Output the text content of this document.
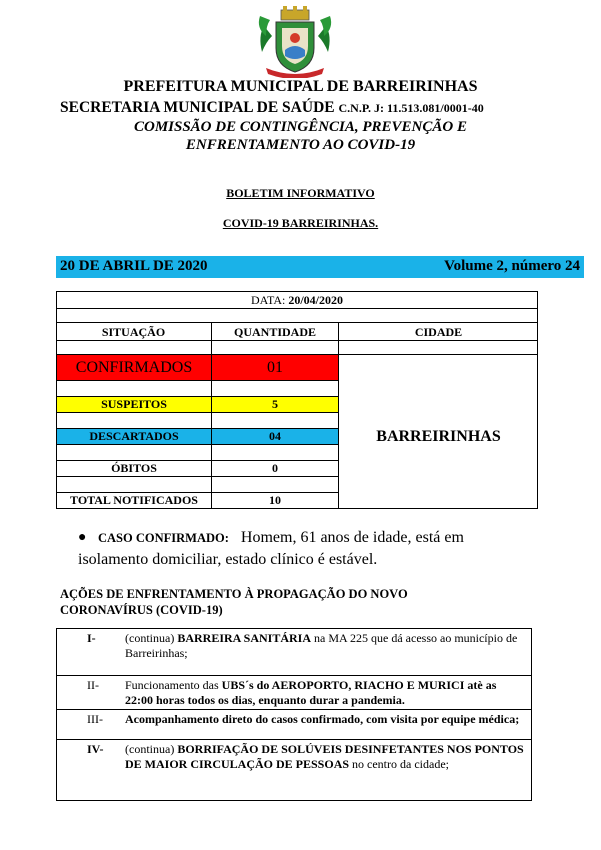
PREFEITURA MUNICIPAL DE BARREIRINHAS
SECRETARIA MUNICIPAL DE SAÚDE C.N.P. J: 11.513.081/0001-40
COMISSÃO DE CONTINGÊNCIA, PREVENÇÃO E
ENFRENTAMENTO AO COVID-19
BOLETIM INFORMATIVO
COVID-19 BARREIRINHAS.
20 DE ABRIL DE 2020	Volume 2, número 24
DATA: 20/04/2020
SITUAÇÃO	QUANTIDADE	CIDADE
CONFIRMADOS	01
SUSPEITOS	5
DESCARTADOS	04
ÓBITOS	0
TOTAL NOTIFICADOS	10
BARREIRINHAS
● CASO CONFIRMADO: Homem, 61 anos de idade, está em
isolamento domiciliar, estado clínico é estável.
AÇÕES DE ENFRENTAMENTO À PROPAGAÇÃO DO NOVO
CORONAVÍRUS (COVID-19)
I- (continua) BARREIRA SANITÁRIA na MA 225 que dá acesso ao município de Barreirinhas;
II- Funcionamento das UBS´s do AEROPORTO, RIACHO E MURICI atè as 22:00 horas todos os dias, enquanto durar a pandemia.
III- Acompanhamento direto do casos confirmado, com visita por equipe médica;
IV- (continua) BORRIFAÇÃO DE SOLÚVEIS DESINFETANTES NOS PONTOS DE MAIOR CIRCULAÇÃO DE PESSOAS no centro da cidade;
